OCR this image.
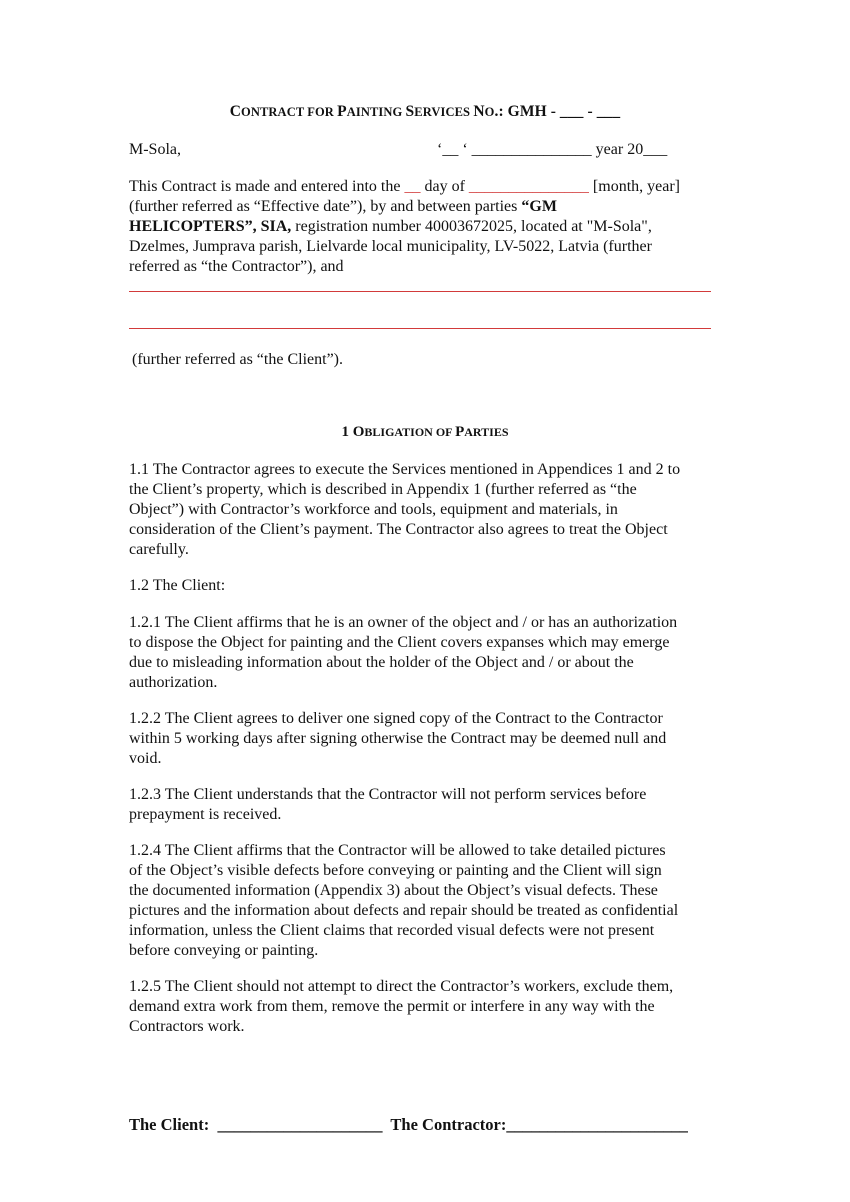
CONTRACT FOR PAINTING SERVICES NO.: GMH - ___ - ___
M-Sola,	‘__ ‘ _______________ year 20___
This Contract is made and entered into the __ day of _______________ [month, year]
(further referred as “Effective date”), by and between parties “GM
HELICOPTERS”, SIA, registration number 40003672025, located at "M-Sola",
Dzelmes, Jumprava parish, Lielvarde local municipality, LV-5022, Latvia (further
referred as “the Contractor”), and
(further referred as “the Client”).
1 OBLIGATION OF PARTIES
1.1 The Contractor agrees to execute the Services mentioned in Appendices 1 and 2 to
the Client’s property, which is described in Appendix 1 (further referred as “the
Object”) with Contractor’s workforce and tools, equipment and materials, in
consideration of the Client’s payment. The Contractor also agrees to treat the Object
carefully.
1.2 The Client:
1.2.1 The Client affirms that he is an owner of the object and / or has an authorization
to dispose the Object for painting and the Client covers expanses which may emerge
due to misleading information about the holder of the Object and / or about the
authorization.
1.2.2 The Client agrees to deliver one signed copy of the Contract to the Contractor
within 5 working days after signing otherwise the Contract may be deemed null and
void.
1.2.3 The Client understands that the Contractor will not perform services before
prepayment is received.
1.2.4 The Client affirms that the Contractor will be allowed to take detailed pictures
of the Object’s visible defects before conveying or painting and the Client will sign
the documented information (Appendix 3) about the Object’s visual defects. These
pictures and the information about defects and repair should be treated as confidential
information, unless the Client claims that recorded visual defects were not present
before conveying or painting.
1.2.5 The Client should not attempt to direct the Contractor’s workers, exclude them,
demand extra work from them, remove the permit or interfere in any way with the
Contractors work.
The Client:  ____________________  The Contractor:______________________
